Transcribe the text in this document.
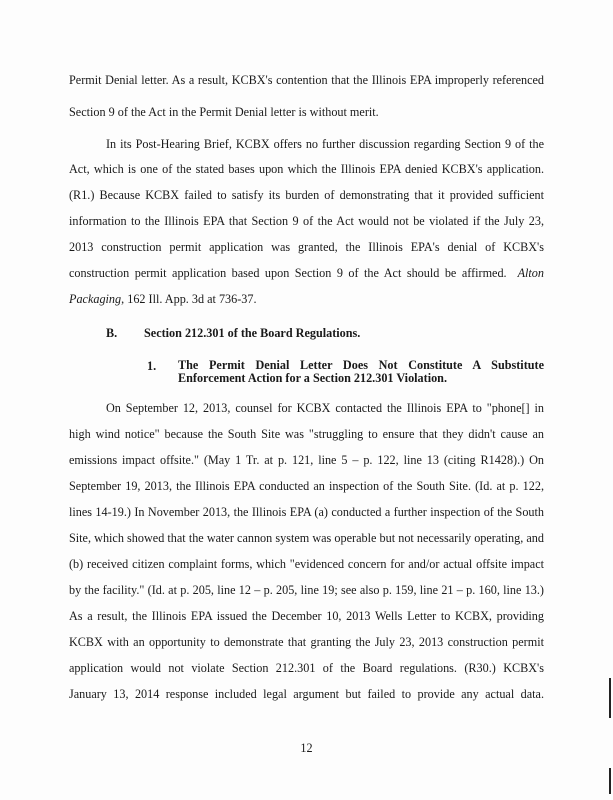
Permit Denial letter. As a result, KCBX's contention that the Illinois EPA improperly referenced
Section 9 of the Act in the Permit Denial letter is without merit.
In its Post-Hearing Brief, KCBX offers no further discussion regarding Section 9 of the
Act, which is one of the stated bases upon which the Illinois EPA denied KCBX's application.
(R1.) Because KCBX failed to satisfy its burden of demonstrating that it provided sufficient
information to the Illinois EPA that Section 9 of the Act would not be violated if the July 23,
2013 construction permit application was granted, the Illinois EPA's denial of KCBX's
construction permit application based upon Section 9 of the Act should be affirmed. Alton
Packaging, 162 Ill. App. 3d at 736-37.
B. Section 212.301 of the Board Regulations.
1. The Permit Denial Letter Does Not Constitute A Substitute
Enforcement Action for a Section 212.301 Violation.
On September 12, 2013, counsel for KCBX contacted the Illinois EPA to "phone[] in
high wind notice" because the South Site was "struggling to ensure that they didn't cause an
emissions impact offsite." (May 1 Tr. at p. 121, line 5 – p. 122, line 13 (citing R1428).) On
September 19, 2013, the Illinois EPA conducted an inspection of the South Site. (Id. at p. 122,
lines 14-19.) In November 2013, the Illinois EPA (a) conducted a further inspection of the South
Site, which showed that the water cannon system was operable but not necessarily operating, and
(b) received citizen complaint forms, which "evidenced concern for and/or actual offsite impact
by the facility." (Id. at p. 205, line 12 – p. 205, line 19; see also p. 159, line 21 – p. 160, line 13.)
As a result, the Illinois EPA issued the December 10, 2013 Wells Letter to KCBX, providing
KCBX with an opportunity to demonstrate that granting the July 23, 2013 construction permit
application would not violate Section 212.301 of the Board regulations. (R30.) KCBX's
January 13, 2014 response included legal argument but failed to provide any actual data.
12
